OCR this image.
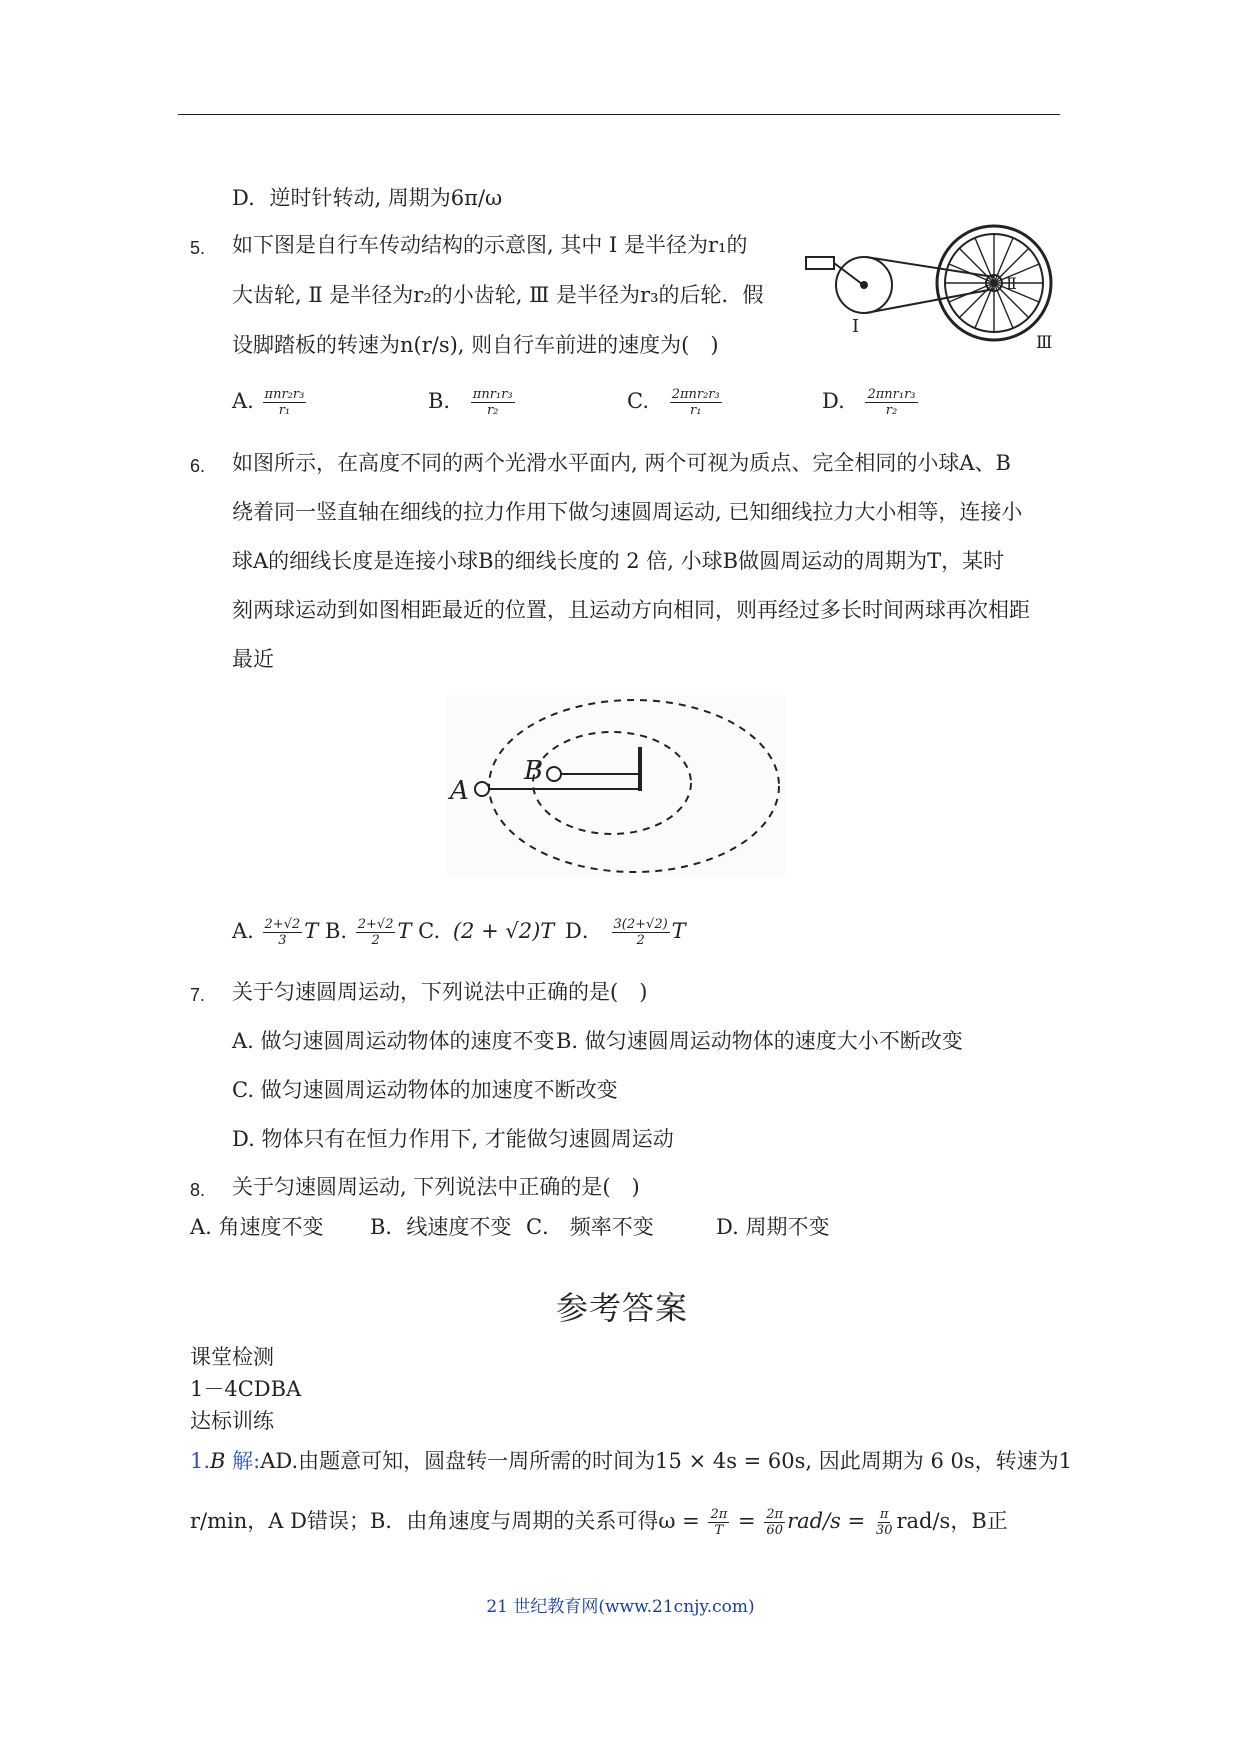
D. 逆时针转动, 周期为6π/ω
5. 如下图是自行车传动结构的示意图, 其中 Ⅰ 是半径为r₁的
大齿轮, Ⅱ 是半径为r₂的小齿轮, Ⅲ 是半径为r₃的后轮．假
设脚踏板的转速为n(r/s), 则自行车前进的速度为(　)
Ⅰ
Ⅱ
Ⅲ
A. $\frac{\text{πnr₂r₃}}{\text{r₁}}$	B. $\frac{\text{πnr₁r₃}}{\text{r₂}}$	C. $\frac{\text{2πnr₂r₃}}{\text{r₁}}$	D. $\frac{\text{2πnr₁r₃}}{\text{r₂}}$
6. 如图所示，在高度不同的两个光滑水平面内, 两个可视为质点、完全相同的小球A、B
绕着同一竖直轴在细线的拉力作用下做匀速圆周运动, 已知细线拉力大小相等，连接小
球A的细线长度是连接小球B的细线长度的 2 倍, 小球B做圆周运动的周期为T，某时
刻两球运动到如图相距最近的位置，且运动方向相同，则再经过多长时间两球再次相距
最近
A
B
A. $\frac{2+√2}{3}$ T B. $\frac{2+√2}{2}$ T C. (2 + √2)T D． $\frac{3(2+√2)}{2}$ T
7. 关于匀速圆周运动，下列说法中正确的是(　)
A. 做匀速圆周运动物体的速度不变 B. 做匀速圆周运动物体的速度大小不断改变
C. 做匀速圆周运动物体的加速度不断改变
D. 物体只有在恒力作用下, 才能做匀速圆周运动
8. 关于匀速圆周运动, 下列说法中正确的是(　)
A. 角速度不变 B．线速度不变 C． 频率不变	D. 周期不变
参考答案
课堂检测
1－4CDBA
达标训练
1.B 解:AD.由题意可知，圆盘转一周所需的时间为15 × 4s = 60s, 因此周期为 6 0s，转速为1
r/min，A D错误；B．由角速度与周期的关系可得$\omega = \frac{2\pi}{T} = \frac{2\pi}{60} rad/s = \frac{\pi}{30} rad/s$，B正
21 世纪教育网(www.21cnjy.com)
